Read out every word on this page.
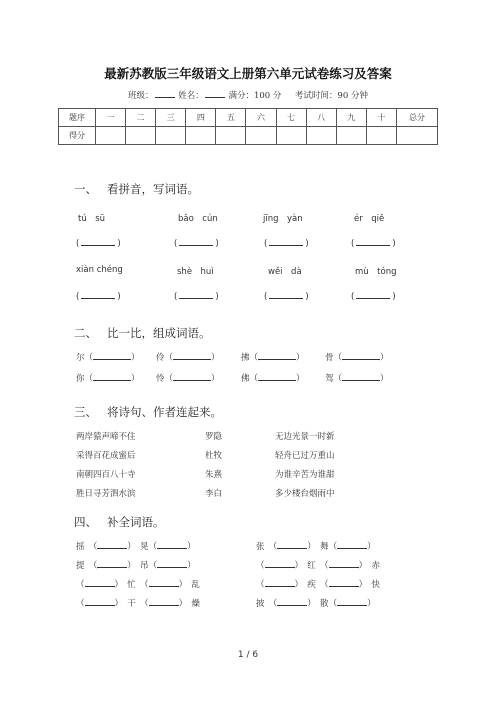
最新苏教版三年级语文上册第六单元试卷练习及答案
班级：	姓名：	满分：100 分 考试时间：90 分钟
题序	一	二	三	四	五	六	七	八	九	十	总分
得分											
一、 看拼音，写词语。
tú　sū	bǎo　cún	jīng　yàn	ér　qiě
(	)	(	)	(	)	(	)
xiàn chéng	shè　huì	wěi　dà	mù　tóng
(	)	(	)	(	)	(	)
二、 比一比，组成词语。
尔（	） 伶（	）	拂（	） 骨（	）
你（	） 怜（	）	佛（	） 驾（	）
三、 将诗句、作者连起来。
两岸猿声啼不住
采得百花成蜜后
南朝四百八十寺
胜日寻芳泗水滨
罗隐
杜牧
朱熹
李白
无边光景一时新
轻舟已过万重山
为谁辛苦为谁甜
多少楼台烟雨中
四、 补全词语。
摇　（	）　晃（	）	张　（	）　舞（	）
提　（	）　吊（	）	（	）　红　（	）　赤
（	）　忙　（	）　乱	（	）　疾　（	）　快
（	）　干　（	）　燥	披　（	）　散（	）
1 / 6
